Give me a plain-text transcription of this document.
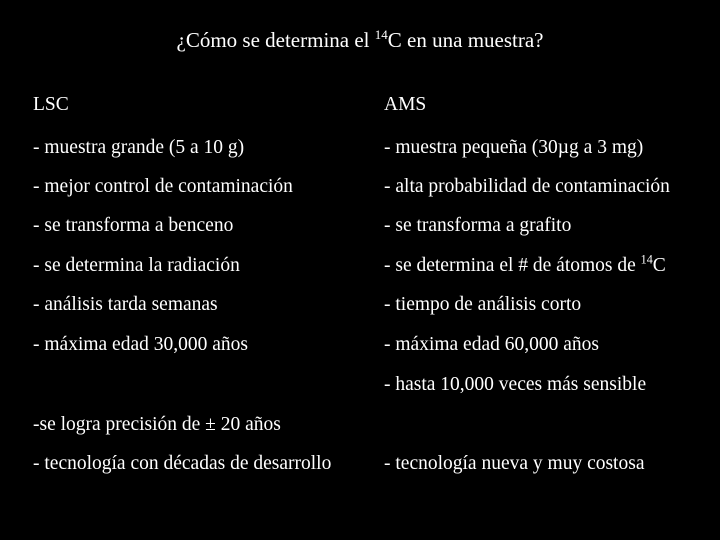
¿Cómo se determina el $^{14}$C en una muestra?
LSC
- muestra grande (5 a 10 g)
- mejor control de contaminación
- se transforma a benceno
- se determina la radiación
- análisis tarda semanas
- máxima edad 30,000 años
AMS
- muestra pequeña (30µg a 3 mg)
- alta probabilidad de contaminación
- se transforma a grafito
- se determina el # de átomos de $^{14}$C
- tiempo de análisis corto
- máxima edad 60,000 años
- hasta 10,000 veces más sensible
-se logra precisión de ± 20 años
- tecnología con décadas de desarrollo	- tecnología nueva y muy costosa
